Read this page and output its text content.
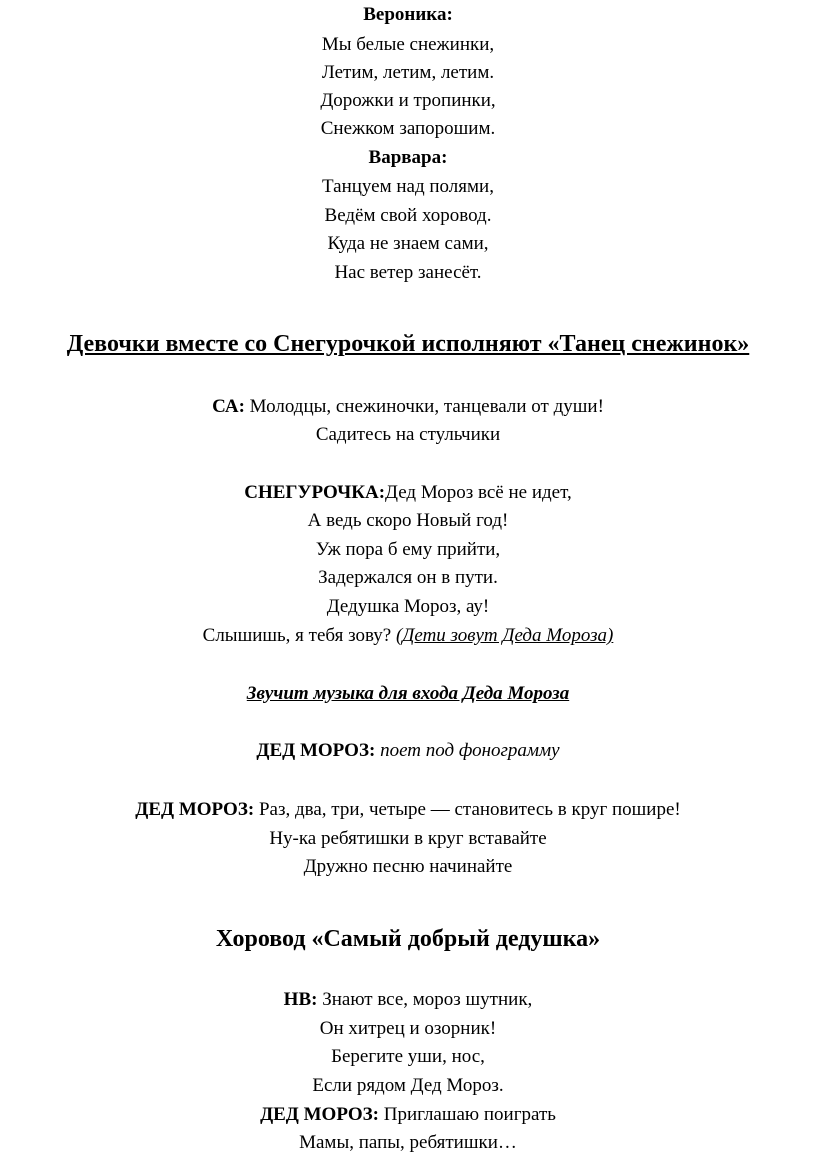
Вероника:
Мы белые снежинки,
Летим, летим, летим.
Дорожки и тропинки,
Снежком запорошим.
Варвара:
Танцуем над полями,
Ведём свой хоровод.
Куда не знаем сами,
Нас ветер занесёт.
Девочки вместе со Снегурочкой исполняют «Танец снежинок»
СА: Молодцы, снежиночки, танцевали от души!
Садитесь на стульчики
СНЕГУРОЧКА:Дед Мороз всё не идет,
А ведь скоро Новый год!
Уж пора б ему прийти,
Задержался он в пути.
Дедушка Мороз, ау!
Слышишь, я тебя зову? (Дети зовут Деда Мороза)
Звучит музыка для входа Деда Мороза
ДЕД МОРОЗ: поет под фонограмму
ДЕД МОРОЗ: Раз, два, три, четыре — становитесь в круг пошире!
Ну-ка ребятишки в круг вставайте
Дружно песню начинайте
Хоровод «Самый добрый дедушка»
НВ: Знают все, мороз шутник,
Он хитрец и озорник!
Берегите уши, нос,
Если рядом Дед Мороз.
ДЕД МОРОЗ: Приглашаю поиграть
Мамы, папы, ребятишки…
